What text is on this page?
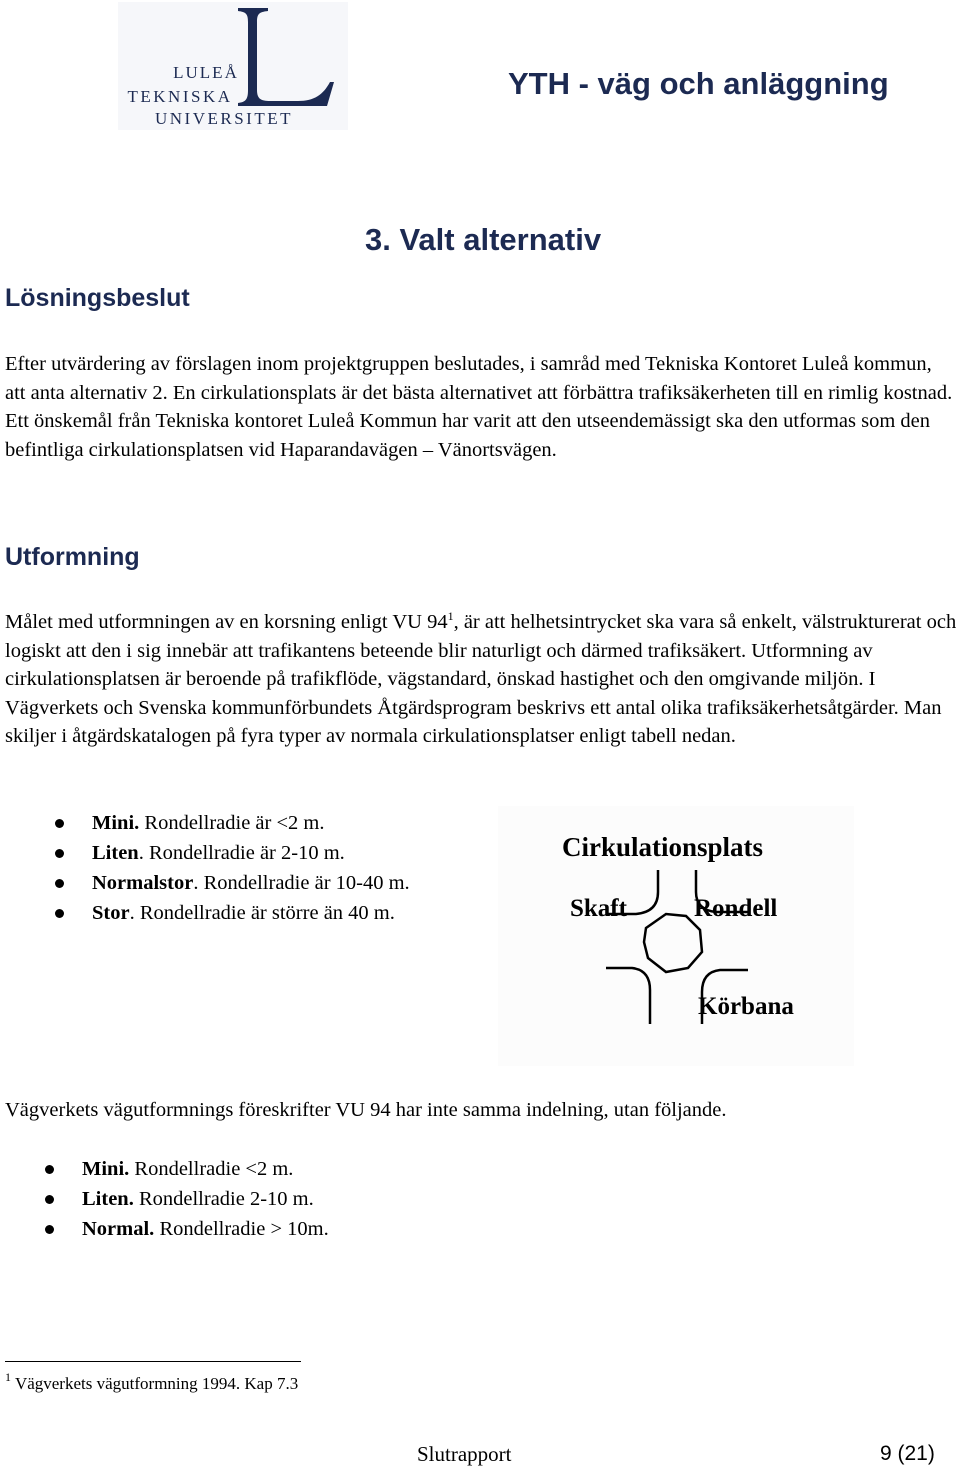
LULEÅ
TEKNISKA
UNIVERSITET
YTH - väg och anläggning
3. Valt alternativ
Lösningsbeslut

Efter utvärdering av förslagen inom projektgruppen beslutades, i samråd med Tekniska Kontoret Luleå kommun, att anta alternativ 2. En cirkulationsplats är det bästa alternativet att förbättra trafiksäkerheten till en rimlig kostnad. Ett önskemål från Tekniska kontoret Luleå Kommun har varit att den utseendemässigt ska den utformas som den befintliga cirkulationsplatsen vid Haparandavägen – Vänortsvägen.

Utformning

Målet med utformningen av en korsning enligt VU $94^1$, är att helhetsintrycket ska vara så enkelt, välstrukturerat och logiskt att den i sig innebär att trafikantens beteende blir naturligt och därmed trafiksäkert. Utformning av cirkulationsplatsen är beroende på trafikflöde, vägstandard, önskad hastighet och den omgivande miljön. I Vägverkets och Svenska kommunförbundets Åtgärdsprogram beskrivs ett antal olika trafiksäkerhetsåtgärder. Man skiljer i åtgärdskatalogen på fyra typer av normala cirkulationsplatser enligt tabell nedan.

Mini. Rondellradie är <2 m.
Liten. Rondellradie är 2-10 m.
Normalstor. Rondellradie är 10-40 m.
Stor. Rondellradie är större än 40 m.
Cirkulationsplats
Skaft	Rondell
Körbana

Vägverkets vägutformnings föreskrifter VU 94 har inte samma indelning, utan följande.

Mini. Rondellradie <2 m.
Liten. Rondellradie 2-10 m.
Normal. Rondellradie > 10m.
$^1$ Vägverkets vägutformning 1994. Kap 7.3
Slutrapport	9 (21)
